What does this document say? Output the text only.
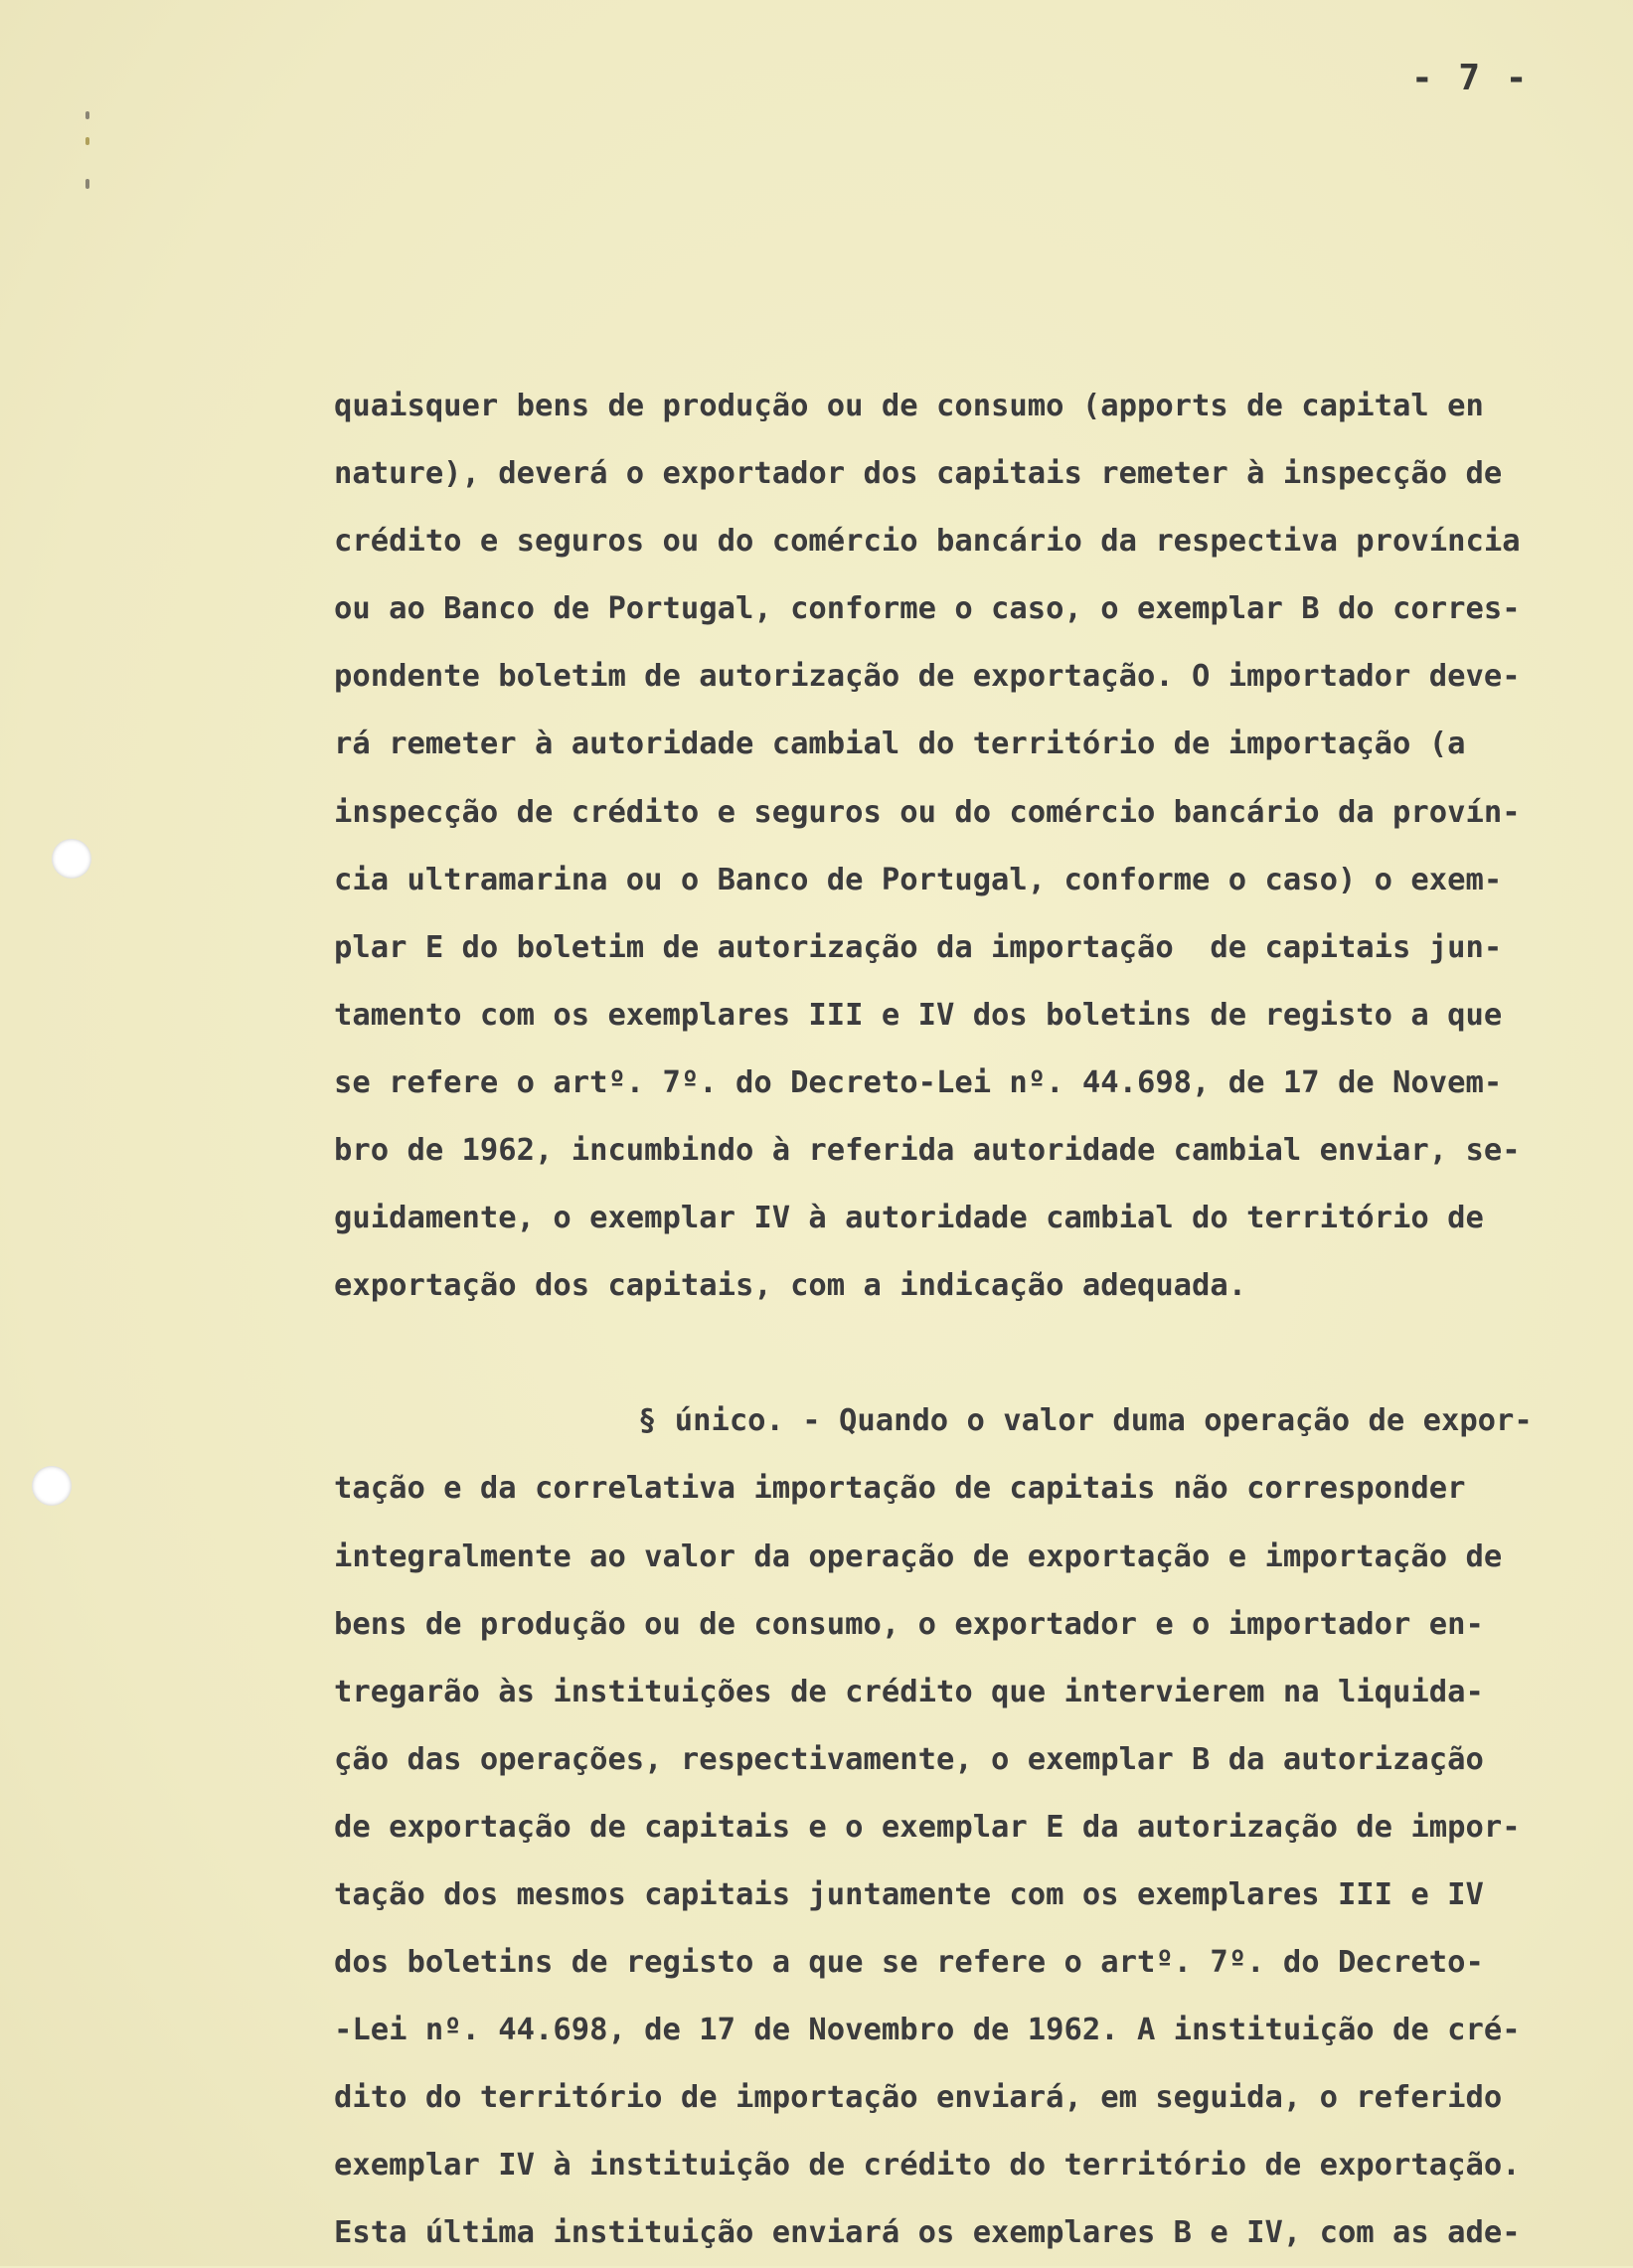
- 7 -
quaisquer bens de produção ou de consumo (apports de capital en
nature), deverá o exportador dos capitais remeter à inspecção de
crédito e seguros ou do comércio bancário da respectiva província
ou ao Banco de Portugal, conforme o caso, o exemplar B do corres-
pondente boletim de autorização de exportação. O importador deve-
rá remeter à autoridade cambial do território de importação (a
inspecção de crédito e seguros ou do comércio bancário da provín-
cia ultramarina ou o Banco de Portugal, conforme o caso) o exem-
plar E do boletim de autorização da importação  de capitais jun-
tamento com os exemplares III e IV dos boletins de registo a que
se refere o artº. 7º. do Decreto-Lei nº. 44.698, de 17 de Novem-
bro de 1962, incumbindo à referida autoridade cambial enviar, se-
guidamente, o exemplar IV à autoridade cambial do território de
exportação dos capitais, com a indicação adequada.
§ único. - Quando o valor duma operação de expor-
tação e da correlativa importação de capitais não corresponder
integralmente ao valor da operação de exportação e importação de
bens de produção ou de consumo, o exportador e o importador en-
tregarão às instituições de crédito que intervierem na liquida-
ção das operações, respectivamente, o exemplar B da autorização
de exportação de capitais e o exemplar E da autorização de impor-
tação dos mesmos capitais juntamente com os exemplares III e IV
dos boletins de registo a que se refere o artº. 7º. do Decreto-
-Lei nº. 44.698, de 17 de Novembro de 1962. A instituição de cré-
dito do território de importação enviará, em seguida, o referido
exemplar IV à instituição de crédito do território de exportação.
Esta última instituição enviará os exemplares B e IV, com as ade-
